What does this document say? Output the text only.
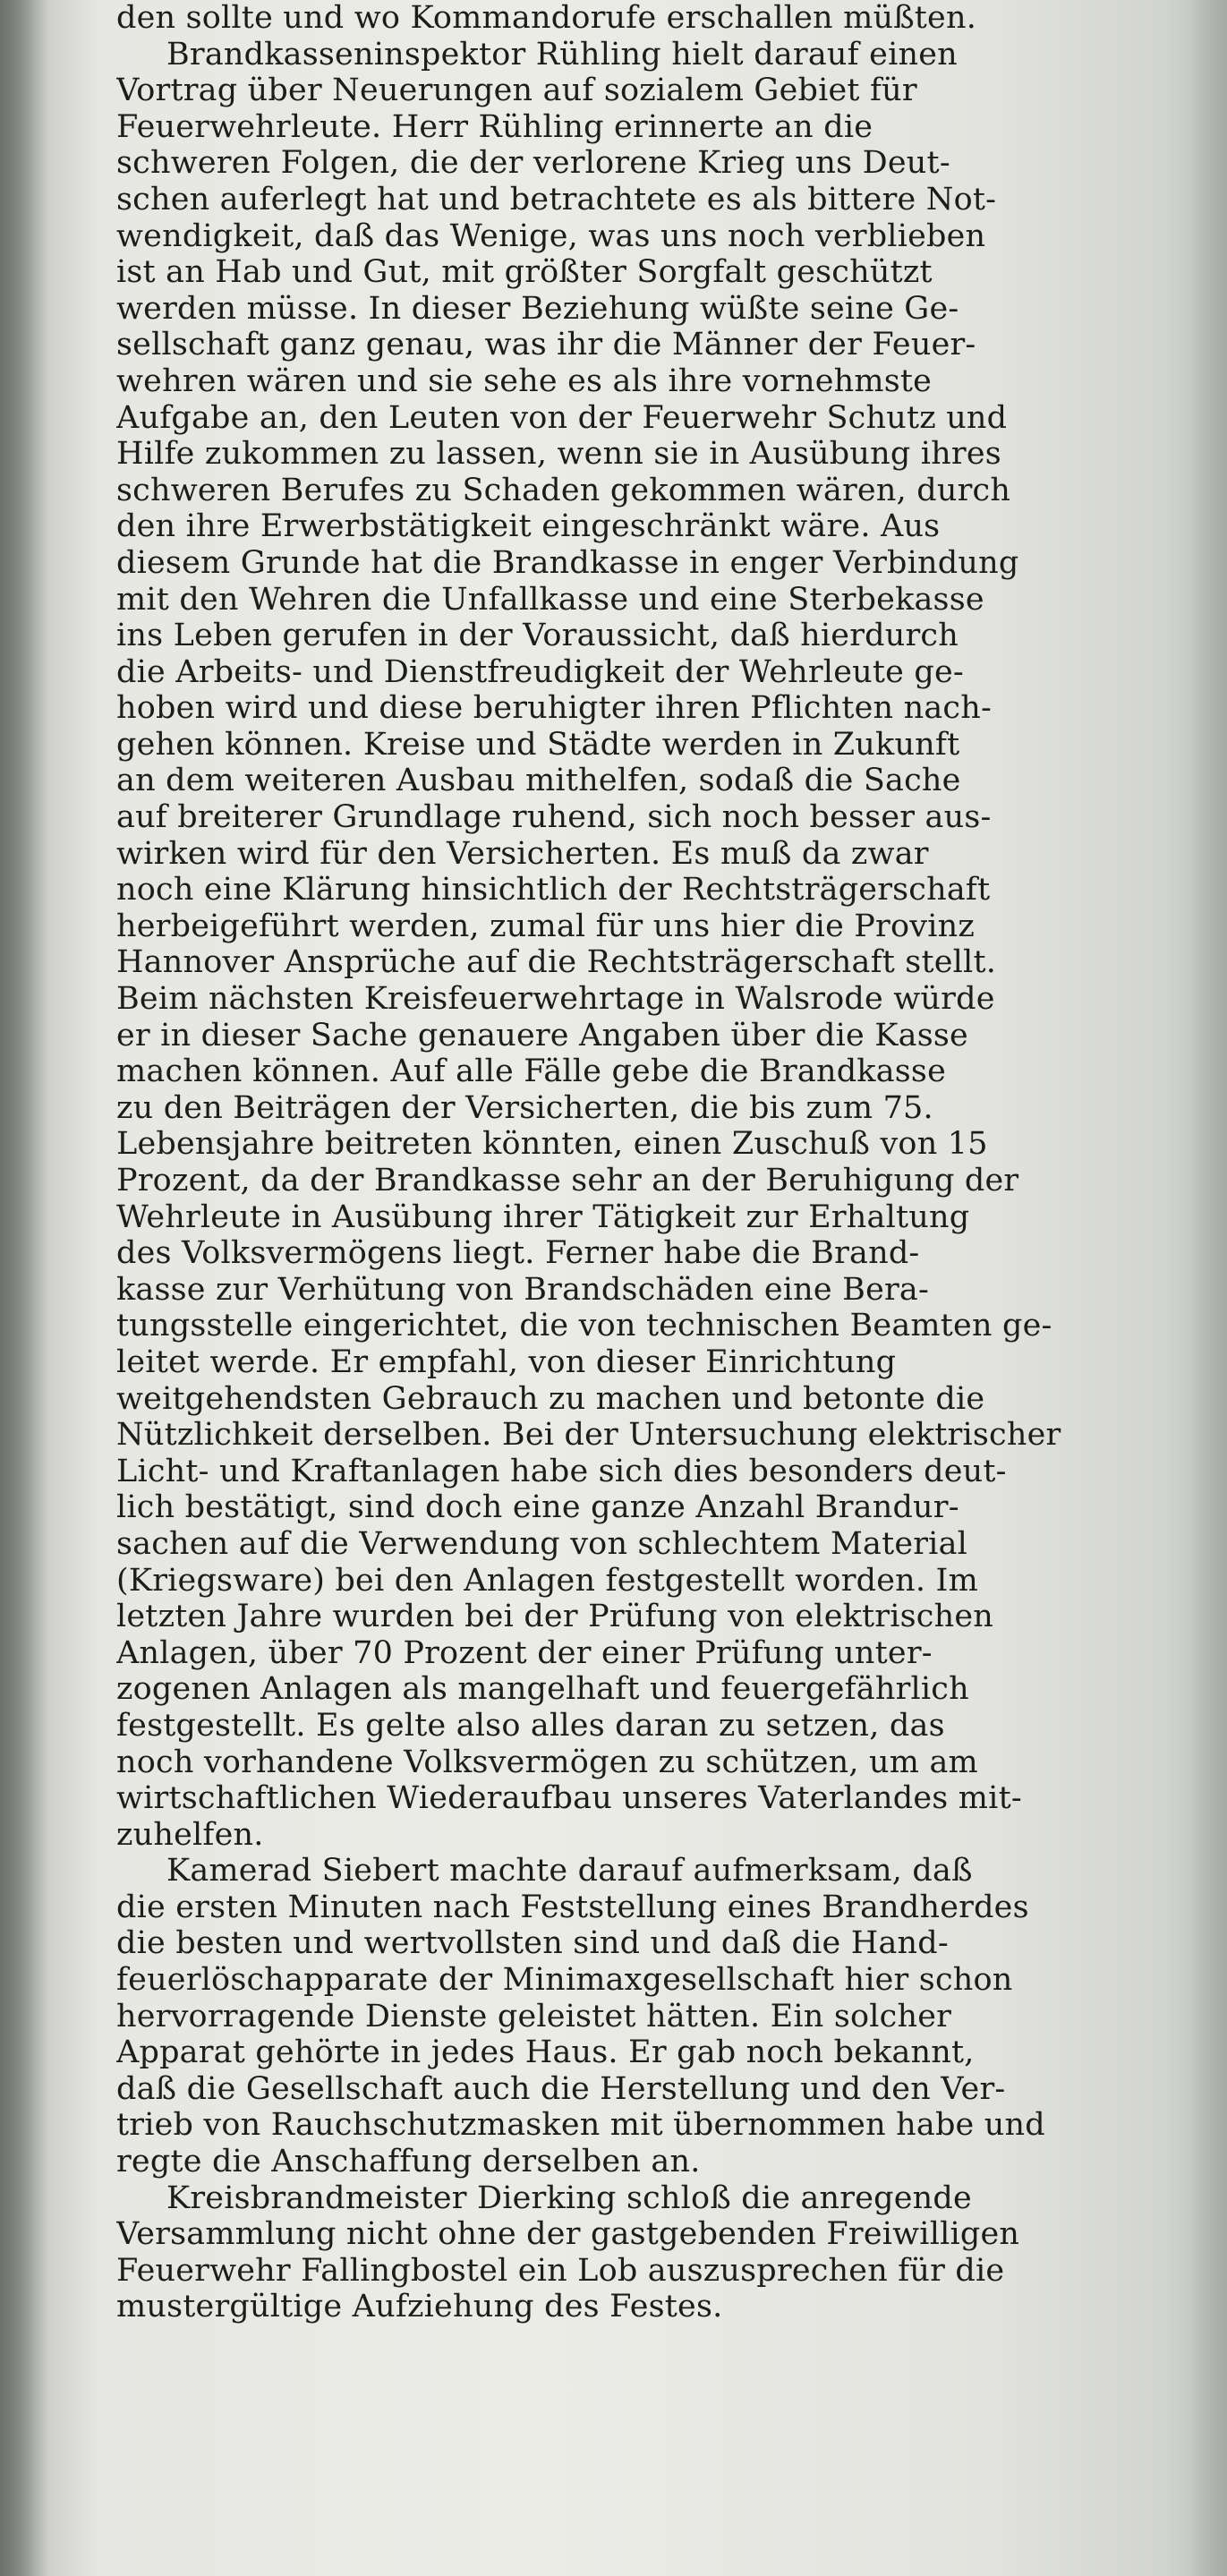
den sollte und wo Kommandorufe erschallen müßten.

Brandkasseninspektor Rühling hielt darauf einen
Vortrag über Neuerungen auf sozialem Gebiet für
Feuerwehrleute. Herr Rühling erinnerte an die
schweren Folgen, die der verlorene Krieg uns Deut-
schen auferlegt hat und betrachtete es als bittere Not-
wendigkeit, daß das Wenige, was uns noch verblieben
ist an Hab und Gut, mit größter Sorgfalt geschützt
werden müsse. In dieser Beziehung wüßte seine Ge-
sellschaft ganz genau, was ihr die Männer der Feuer-
wehren wären und sie sehe es als ihre vornehmste
Aufgabe an, den Leuten von der Feuerwehr Schutz und
Hilfe zukommen zu lassen, wenn sie in Ausübung ihres
schweren Berufes zu Schaden gekommen wären, durch
den ihre Erwerbstätigkeit eingeschränkt wäre. Aus
diesem Grunde hat die Brandkasse in enger Verbindung
mit den Wehren die Unfallkasse und eine Sterbekasse
ins Leben gerufen in der Voraussicht, daß hierdurch
die Arbeits- und Dienstfreudigkeit der Wehrleute ge-
hoben wird und diese beruhigter ihren Pflichten nach-
gehen können. Kreise und Städte werden in Zukunft
an dem weiteren Ausbau mithelfen, sodaß die Sache
auf breiterer Grundlage ruhend, sich noch besser aus-
wirken wird für den Versicherten. Es muß da zwar
noch eine Klärung hinsichtlich der Rechtsträgerschaft
herbeigeführt werden, zumal für uns hier die Provinz
Hannover Ansprüche auf die Rechtsträgerschaft stellt.
Beim nächsten Kreisfeuerwehrtage in Walsrode würde
er in dieser Sache genauere Angaben über die Kasse
machen können. Auf alle Fälle gebe die Brandkasse
zu den Beiträgen der Versicherten, die bis zum 75.
Lebensjahre beitreten könnten, einen Zuschuß von 15
Prozent, da der Brandkasse sehr an der Beruhigung der
Wehrleute in Ausübung ihrer Tätigkeit zur Erhaltung
des Volksvermögens liegt. Ferner habe die Brand-
kasse zur Verhütung von Brandschäden eine Bera-
tungsstelle eingerichtet, die von technischen Beamten ge-
leitet werde. Er empfahl, von dieser Einrichtung
weitgehendsten Gebrauch zu machen und betonte die
Nützlichkeit derselben. Bei der Untersuchung elektrischer
Licht- und Kraftanlagen habe sich dies besonders deut-
lich bestätigt, sind doch eine ganze Anzahl Brandur-
sachen auf die Verwendung von schlechtem Material
(Kriegsware) bei den Anlagen festgestellt worden. Im
letzten Jahre wurden bei der Prüfung von elektrischen
Anlagen, über 70 Prozent der einer Prüfung unter-
zogenen Anlagen als mangelhaft und feuergefährlich
festgestellt. Es gelte also alles daran zu setzen, das
noch vorhandene Volksvermögen zu schützen, um am
wirtschaftlichen Wiederaufbau unseres Vaterlandes mit-
zuhelfen.

Kamerad Siebert machte darauf aufmerksam, daß
die ersten Minuten nach Feststellung eines Brandherdes
die besten und wertvollsten sind und daß die Hand-
feuerlöschapparate der Minimaxgesellschaft hier schon
hervorragende Dienste geleistet hätten. Ein solcher
Apparat gehörte in jedes Haus. Er gab noch bekannt,
daß die Gesellschaft auch die Herstellung und den Ver-
trieb von Rauchschutzmasken mit übernommen habe und
regte die Anschaffung derselben an.

Kreisbrandmeister Dierking schloß die anregende
Versammlung nicht ohne der gastgebenden Freiwilligen
Feuerwehr Fallingbostel ein Lob auszusprechen für die
mustergültige Aufziehung des Festes.
